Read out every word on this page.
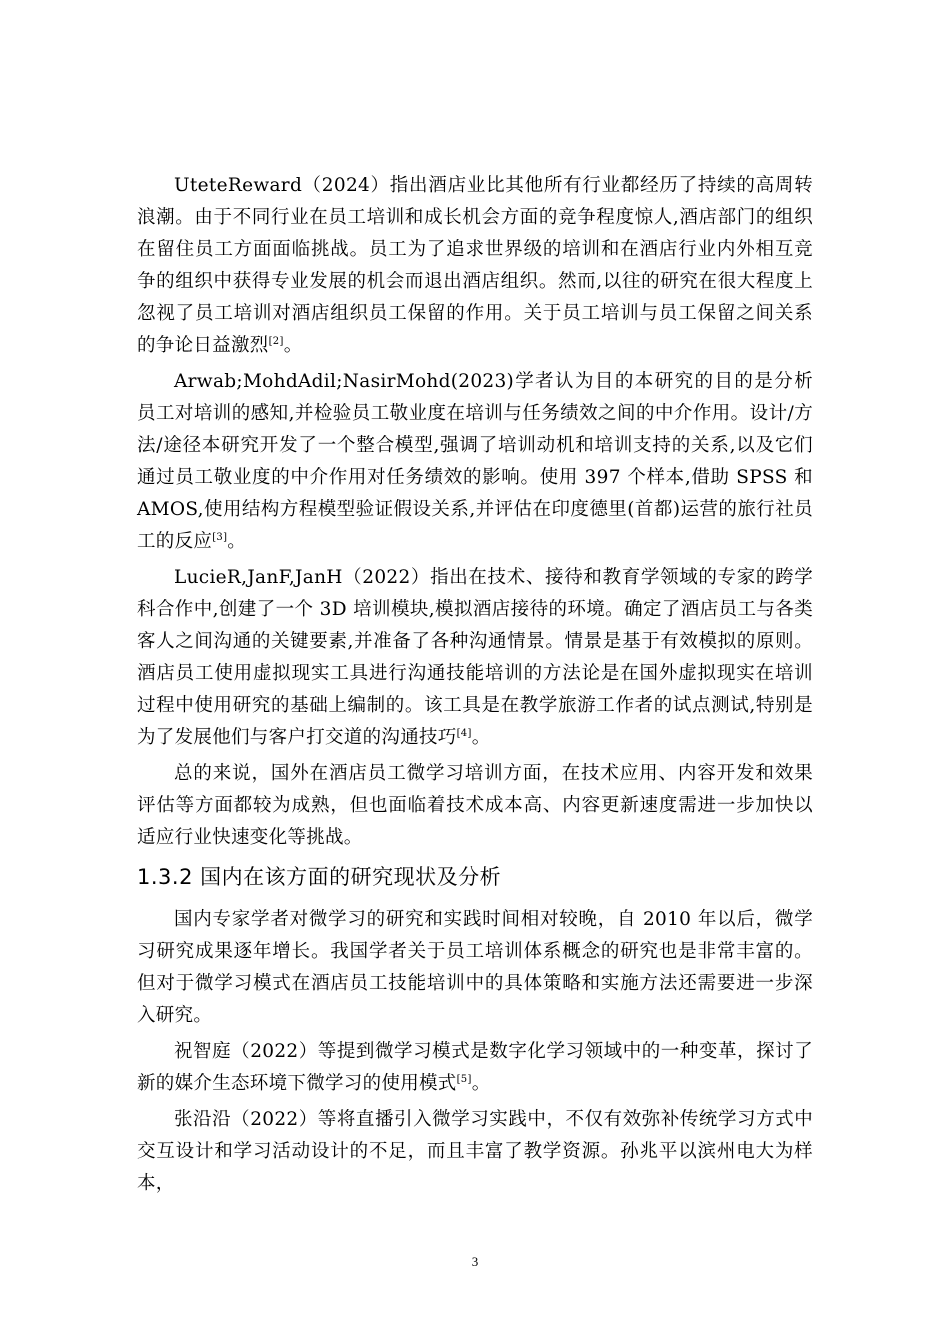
UteteReward（2024）指出酒店业比其他所有行业都经历了持续的高周转浪潮。由于不同行业在员工培训和成长机会方面的竞争程度惊人,酒店部门的组织在留住员工方面面临挑战。员工为了追求世界级的培训和在酒店行业内外相互竞争的组织中获得专业发展的机会而退出酒店组织。然而,以往的研究在很大程度上忽视了员工培训对酒店组织员工保留的作用。关于员工培训与员工保留之间关系的争论日益激烈[2]。

Arwab;MohdAdil;NasirMohd(2023)学者认为目的本研究的目的是分析员工对培训的感知,并检验员工敬业度在培训与任务绩效之间的中介作用。设计/方法/途径本研究开发了一个整合模型,强调了培训动机和培训支持的关系,以及它们通过员工敬业度的中介作用对任务绩效的影响。使用 397 个样本,借助 SPSS 和 AMOS,使用结构方程模型验证假设关系,并评估在印度德里(首都)运营的旅行社员工的反应[3]。

LucieR,JanF,JanH（2022）指出在技术、接待和教育学领域的专家的跨学科合作中,创建了一个 3D 培训模块,模拟酒店接待的环境。确定了酒店员工与各类客人之间沟通的关键要素,并准备了各种沟通情景。情景是基于有效模拟的原则。酒店员工使用虚拟现实工具进行沟通技能培训的方法论是在国外虚拟现实在培训过程中使用研究的基础上编制的。该工具是在教学旅游工作者的试点测试,特别是为了发展他们与客户打交道的沟通技巧[4]。

总的来说，国外在酒店员工微学习培训方面，在技术应用、内容开发和效果评估等方面都较为成熟，但也面临着技术成本高、内容更新速度需进一步加快以适应行业快速变化等挑战。

1.3.2 国内在该方面的研究现状及分析

国内专家学者对微学习的研究和实践时间相对较晚，自 2010 年以后，微学习研究成果逐年增长。我国学者关于员工培训体系概念的研究也是非常丰富的。但对于微学习模式在酒店员工技能培训中的具体策略和实施方法还需要进一步深入研究。

祝智庭（2022）等提到微学习模式是数字化学习领域中的一种变革，探讨了新的媒介生态环境下微学习的使用模式[5]。

张沿沿（2022）等将直播引入微学习实践中，不仅有效弥补传统学习方式中交互设计和学习活动设计的不足，而且丰富了教学资源。孙兆平以滨州电大为样本，

3
